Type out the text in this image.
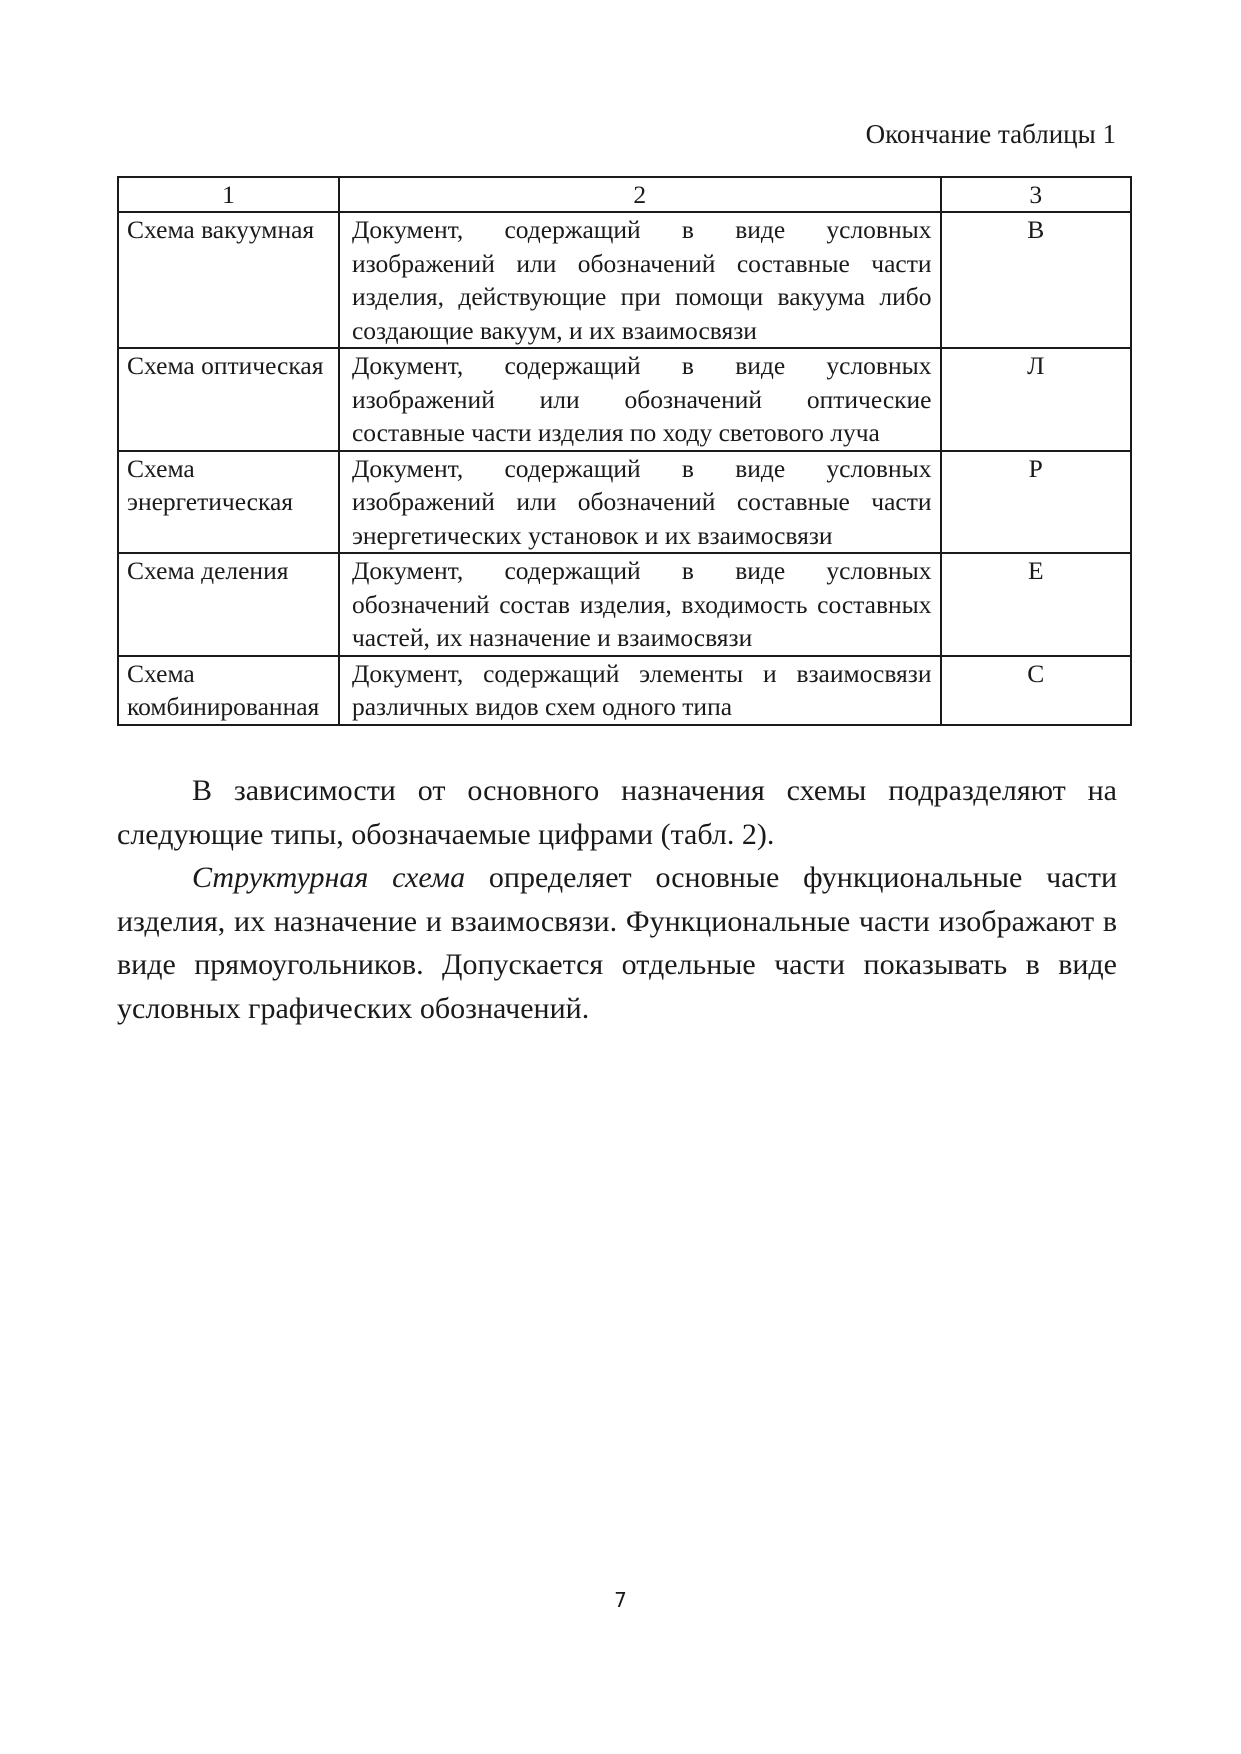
Окончание таблицы 1
1	2	3
Схема вакуумная	Документ, содержащий в виде условных изображений или обозначений составные части изделия, действующие при помощи вакуума либо создающие вакуум, и их взаимосвязи	В
Схема оптическая	Документ, содержащий в виде условных изображений или обозначений оптические составные части изделия по ходу светового луча	Л
Схема энергетическая	Документ, содержащий в виде условных изображений или обозначений составные части энергетических установок и их взаимосвязи	Р
Схема деления	Документ, содержащий в виде условных обозначений состав изделия, входимость составных частей, их назначение и взаимосвязи	Е
Схема комбинированная	Документ, содержащий элементы и взаимосвязи различных видов схем одного типа	С

В зависимости от основного назначения схемы подразделяют на следующие типы, обозначаемые цифрами (табл. 2).

Структурная схема определяет основные функциональные части изделия, их назначение и взаимосвязи. Функциональные части изображают в виде прямоугольников. Допускается отдельные части показывать в виде условных графических обозначений.

7
